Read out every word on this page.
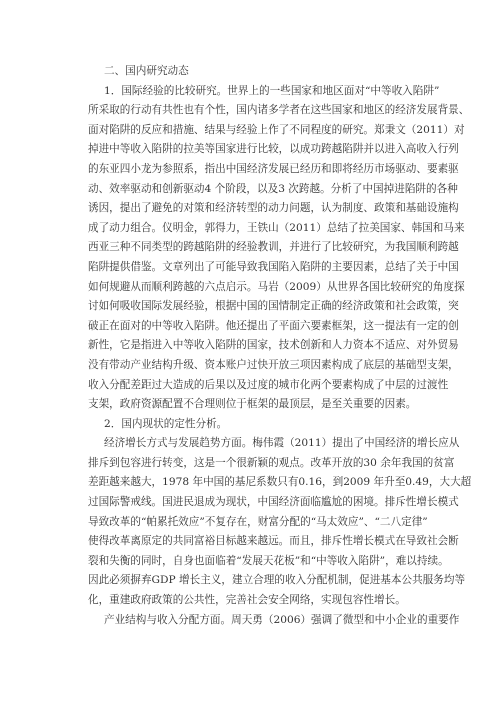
二、国内研究动态
1．国际经验的比较研究。世界上的一些国家和地区面对“中等收入陷阱”
所采取的行动有共性也有个性，国内诸多学者在这些国家和地区的经济发展背景、
面对陷阱的反应和措施、结果与经验上作了不同程度的研究。郑秉文（2011）对
掉进中等收入陷阱的拉美等国家进行比较，以成功跨越陷阱并以进入高收入行列
的东亚四小龙为参照系，指出中国经济发展已经历和即将经历市场驱动、要素驱
动、效率驱动和创新驱动4 个阶段，以及3 次跨越。分析了中国掉进陷阱的各种
诱因，提出了避免的对策和经济转型的动力问题，认为制度、政策和基础设施构
成了动力组合。仪明金，郭得力，王铁山（2011）总结了拉美国家、韩国和马来
西亚三种不同类型的跨越陷阱的经验教训，并进行了比较研究，为我国顺利跨越
陷阱提供借鉴。文章列出了可能导致我国陷入陷阱的主要因素，总结了关于中国
如何规避从而顺利跨越的六点启示。马岩（2009）从世界各国比较研究的角度探
讨如何吸收国际发展经验，根据中国的国情制定正确的经济政策和社会政策，突
破正在面对的中等收入陷阱。他还提出了平面六要素框架，这一提法有一定的创
新性，它是指进入中等收入陷阱的国家，技术创新和人力资本不适应、对外贸易
没有带动产业结构升级、资本账户过快开放三项因素构成了底层的基础型支架，
收入分配差距过大造成的后果以及过度的城市化两个要素构成了中层的过渡性
支架，政府资源配置不合理则位于框架的最顶层，是至关重要的因素。
2．国内现状的定性分析。
经济增长方式与发展趋势方面。梅伟霞（2011）提出了中国经济的增长应从
排斥到包容进行转变，这是一个很新颖的观点。改革开放的30 余年我国的贫富
差距越来越大，1978 年中国的基尼系数只有0.16，到2009 年升至0.49，大大超
过国际警戒线。国进民退成为现状，中国经济面临尴尬的困境。排斥性增长模式
导致改革的“帕累托效应”不复存在，财富分配的“马太效应”、“二八定律”
使得改革离原定的共同富裕目标越来越远。而且，排斥性增长模式在导致社会断
裂和失衡的同时，自身也面临着“发展天花板”和“中等收入陷阱”，难以持续。
因此必须摒弃GDP 增长主义，建立合理的收入分配机制，促进基本公共服务均等
化，重建政府政策的公共性，完善社会安全网络，实现包容性增长。
产业结构与收入分配方面。周天勇（2006）强调了微型和中小企业的重要作
